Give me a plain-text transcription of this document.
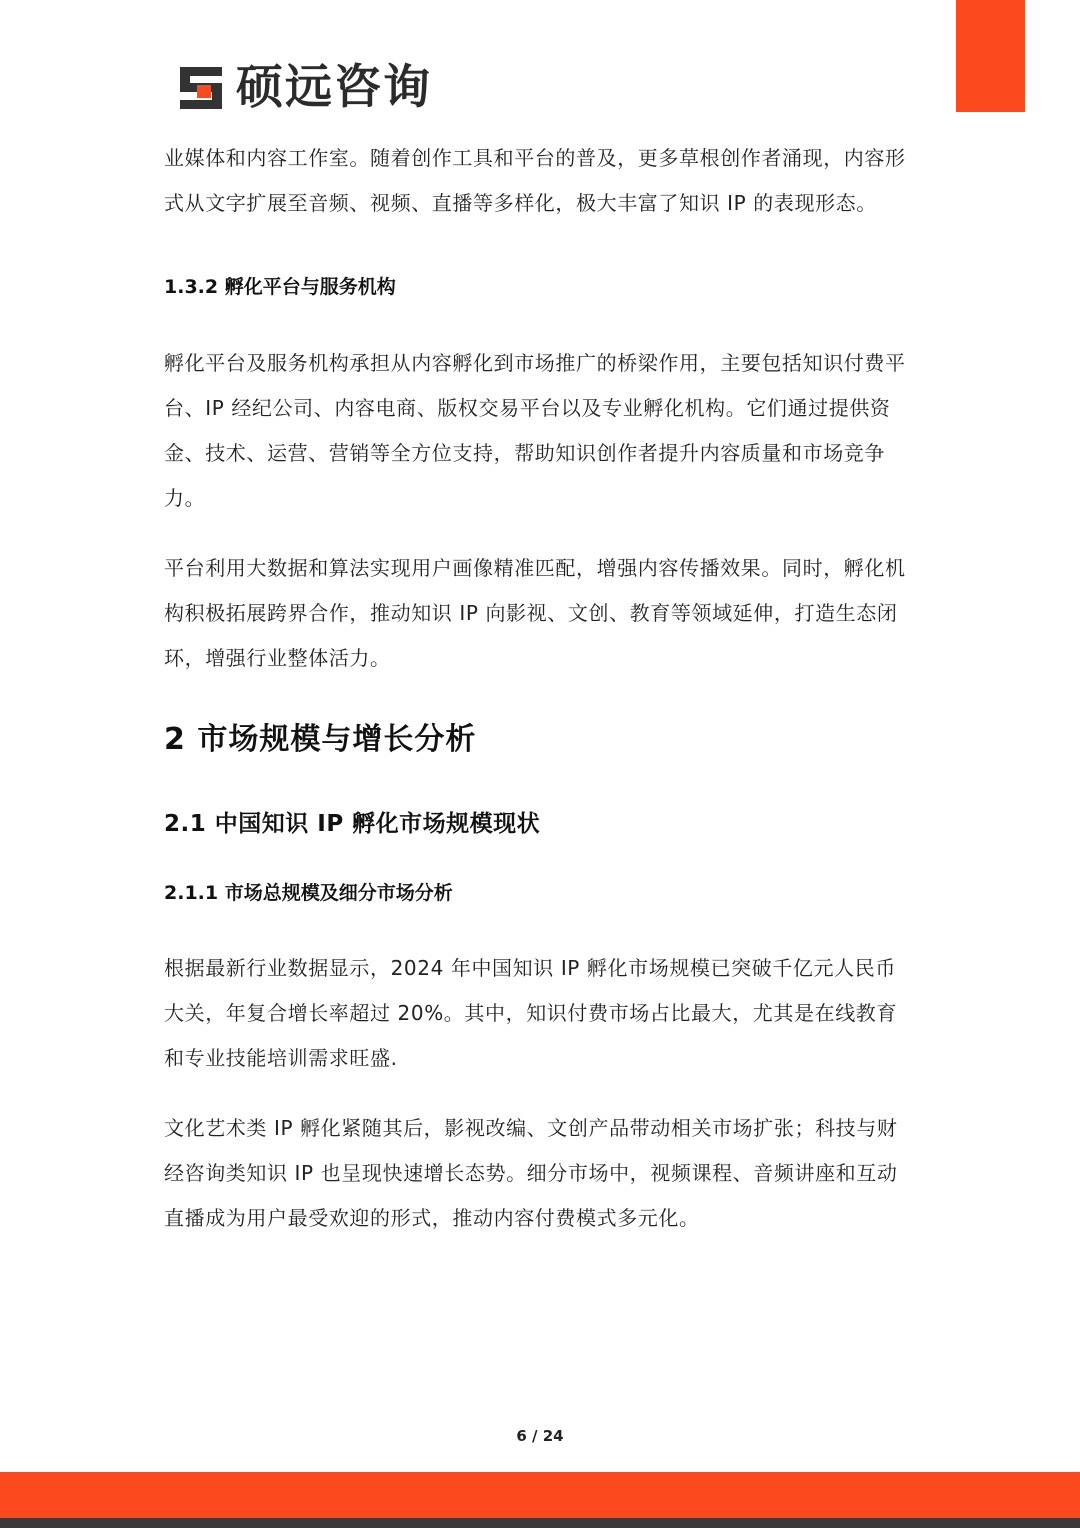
硕远咨询

业媒体和内容工作室。随着创作工具和平台的普及，更多草根创作者涌现，内容形式从文字扩展至音频、视频、直播等多样化，极大丰富了知识 IP 的表现形态。

1.3.2 孵化平台与服务机构

孵化平台及服务机构承担从内容孵化到市场推广的桥梁作用，主要包括知识付费平台、IP 经纪公司、内容电商、版权交易平台以及专业孵化机构。它们通过提供资金、技术、运营、营销等全方位支持，帮助知识创作者提升内容质量和市场竞争力。

平台利用大数据和算法实现用户画像精准匹配，增强内容传播效果。同时，孵化机构积极拓展跨界合作，推动知识 IP 向影视、文创、教育等领域延伸，打造生态闭环，增强行业整体活力。

2 市场规模与增长分析
2.1 中国知识 IP 孵化市场规模现状
2.1.1 市场总规模及细分市场分析

根据最新行业数据显示，2024 年中国知识 IP 孵化市场规模已突破千亿元人民币大关，年复合增长率超过 20%。其中，知识付费市场占比最大，尤其是在线教育和专业技能培训需求旺盛.

文化艺术类 IP 孵化紧随其后，影视改编、文创产品带动相关市场扩张；科技与财经咨询类知识 IP 也呈现快速增长态势。细分市场中，视频课程、音频讲座和互动直播成为用户最受欢迎的形式，推动内容付费模式多元化。

6 / 24
